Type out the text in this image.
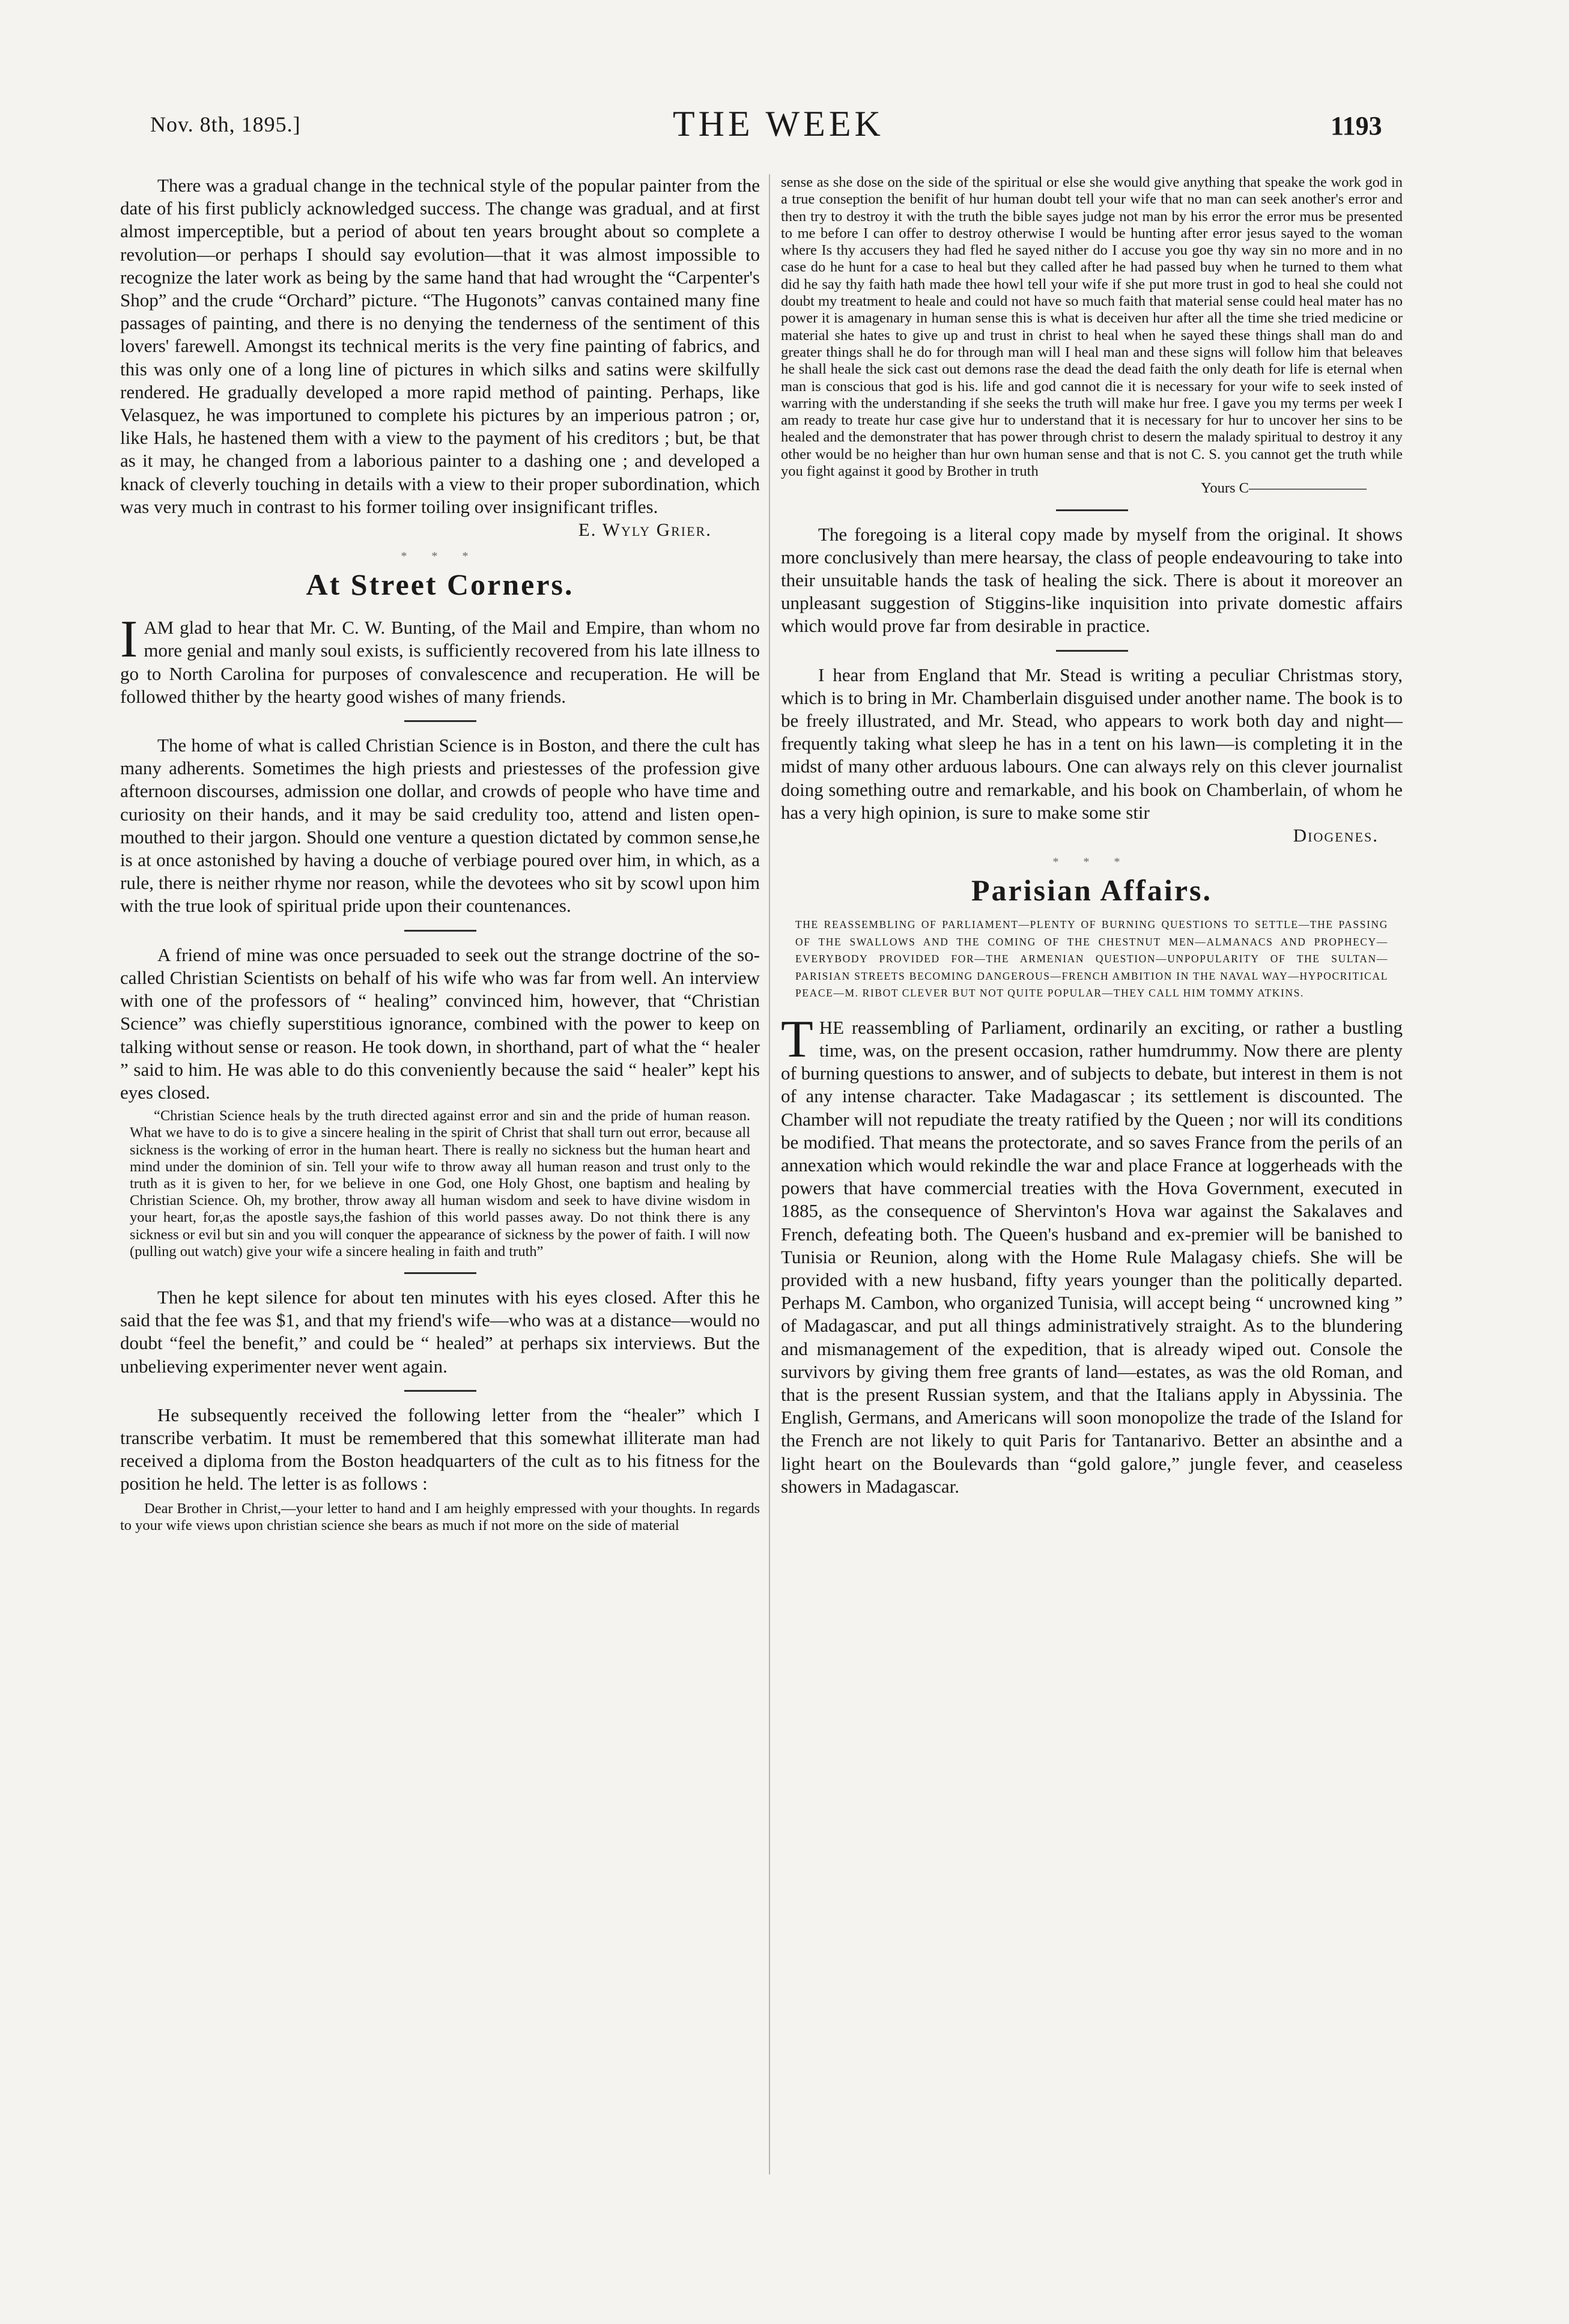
Nov. 8th, 1895.]	THE WEEK	1193

There was a gradual change in the technical style of the popular painter from the date of his first publicly acknowledged success. The change was gradual, and at first almost imperceptible, but a period of about ten years brought about so complete a revolution—or perhaps I should say evolution—that it was almost impossible to recognize the later work as being by the same hand that had wrought the “Carpenter's Shop” and the crude “Orchard” picture. “The Hugonots” canvas contained many fine passages of painting, and there is no denying the tenderness of the sentiment of this lovers' farewell. Amongst its technical merits is the very fine painting of fabrics, and this was only one of a long line of pictures in which silks and satins were skilfully rendered. He gradually developed a more rapid method of painting. Perhaps, like Velasquez, he was importuned to complete his pictures by an imperious patron ; or, like Hals, he hastened them with a view to the payment of his creditors ; but, be that as it may, he changed from a laborious painter to a dashing one ; and developed a knack of cleverly touching in details with a view to their proper subordination, which was very much in contrast to his former toiling over insignificant trifles.

E. Wyly Grier.
* * *
At Street Corners.

IAM glad to hear that Mr. C. W. Bunting, of the Mail and Empire, than whom no more genial and manly soul exists, is sufficiently recovered from his late illness to go to North Carolina for purposes of convalescence and recuperation. He will be followed thither by the hearty good wishes of many friends.

The home of what is called Christian Science is in Boston, and there the cult has many adherents. Sometimes the high priests and priestesses of the profession give afternoon discourses, admission one dollar, and crowds of people who have time and curiosity on their hands, and it may be said credulity too, attend and listen open-mouthed to their jargon. Should one venture a question dictated by common sense,he is at once astonished by having a douche of verbiage poured over him, in which, as a rule, there is neither rhyme nor reason, while the devotees who sit by scowl upon him with the true look of spiritual pride upon their countenances.

A friend of mine was once persuaded to seek out the strange doctrine of the so-called Christian Scientists on behalf of his wife who was far from well. An interview with one of the professors of “ healing” convinced him, however, that “Christian Science” was chiefly superstitious ignorance, combined with the power to keep on talking without sense or reason. He took down, in shorthand, part of what the “ healer ” said to him. He was able to do this conveniently because the said “ healer” kept his eyes closed.

“Christian Science heals by the truth directed against error and sin and the pride of human reason. What we have to do is to give a sincere healing in the spirit of Christ that shall turn out error, because all sickness is the working of error in the human heart. There is really no sickness but the human heart and mind under the dominion of sin. Tell your wife to throw away all human reason and trust only to the truth as it is given to her, for we believe in one God, one Holy Ghost, one baptism and healing by Christian Science. Oh, my brother, throw away all human wisdom and seek to have divine wisdom in your heart, for,as the apostle says,the fashion of this world passes away. Do not think there is any sickness or evil but sin and you will conquer the appearance of sickness by the power of faith. I will now (pulling out watch) give your wife a sincere healing in faith and truth”

Then he kept silence for about ten minutes with his eyes closed. After this he said that the fee was $1, and that my friend's wife—who was at a distance—would no doubt “feel the benefit,” and could be “ healed” at perhaps six interviews. But the unbelieving experimenter never went again.

He subsequently received the following letter from the “healer” which I transcribe verbatim. It must be remembered that this somewhat illiterate man had received a diploma from the Boston headquarters of the cult as to his fitness for the position he held. The letter is as follows :

Dear Brother in Christ,—your letter to hand and I am heighly empressed with your thoughts. In regards to your wife views upon christian science she bears as much if not more on the side of material

sense as she dose on the side of the spiritual or else she would give anything that speake the work god in a true conseption the benifit of hur human doubt tell your wife that no man can seek another's error and then try to destroy it with the truth the bible sayes judge not man by his error the error mus be presented to me before I can offer to destroy otherwise I would be hunting after error jesus sayed to the woman where Is thy accusers they had fled he sayed nither do I accuse you goe thy way sin no more and in no case do he hunt for a case to heal but they called after he had passed buy when he turned to them what did he say thy faith hath made thee howl tell your wife if she put more trust in god to heal she could not doubt my treatment to heale and could not have so much faith that material sense could heal mater has no power it is amagenary in human sense this is what is deceiven hur after all the time she tried medicine or material she hates to give up and trust in christ to heal when he sayed these things shall man do and greater things shall he do for through man will I heal man and these signs will follow him that beleaves he shall heale the sick cast out demons rase the dead the dead faith the only death for life is eternal when man is conscious that god is his. life and god cannot die it is necessary for your wife to seek insted of warring with the understanding if she seeks the truth will make hur free. I gave you my terms per week I am ready to treate hur case give hur to understand that it is necessary for hur to uncover her sins to be healed and the demonstrater that has power through christ to desern the malady spiritual to destroy it any other would be no heigher than hur own human sense and that is not C. S. you cannot get the truth while you fight against it good by Brother in truth

Yours C————————

The foregoing is a literal copy made by myself from the original. It shows more conclusively than mere hearsay, the class of people endeavouring to take into their unsuitable hands the task of healing the sick. There is about it moreover an unpleasant suggestion of Stiggins-like inquisition into private domestic affairs which would prove far from desirable in practice.

I hear from England that Mr. Stead is writing a peculiar Christmas story, which is to bring in Mr. Chamberlain disguised under another name. The book is to be freely illustrated, and Mr. Stead, who appears to work both day and night—frequently taking what sleep he has in a tent on his lawn—is completing it in the midst of many other arduous labours. One can always rely on this clever journalist doing something outre and remarkable, and his book on Chamberlain, of whom he has a very high opinion, is sure to make some stir

Diogenes.
* * *
Parisian Affairs.

THE REASSEMBLING OF PARLIAMENT—PLENTY OF BURNING QUESTIONS TO SETTLE—THE PASSING OF THE SWALLOWS AND THE COMING OF THE CHESTNUT MEN—ALMANACS AND PROPHECY—EVERYBODY PROVIDED FOR—THE ARMENIAN QUESTION—UNPOPULARITY OF THE SULTAN—PARISIAN STREETS BECOMING DANGEROUS—FRENCH AMBITION IN THE NAVAL WAY—HYPOCRITICAL PEACE—M. RIBOT CLEVER BUT NOT QUITE POPULAR—THEY CALL HIM TOMMY ATKINS.

THE reassembling of Parliament, ordinarily an exciting, or rather a bustling time, was, on the present occasion, rather humdrummy. Now there are plenty of burning questions to answer, and of subjects to debate, but interest in them is not of any intense character. Take Madagascar ; its settlement is discounted. The Chamber will not repudiate the treaty ratified by the Queen ; nor will its conditions be modified. That means the protectorate, and so saves France from the perils of an annexation which would rekindle the war and place France at loggerheads with the powers that have commercial treaties with the Hova Government, executed in 1885, as the consequence of Shervinton's Hova war against the Sakalaves and French, defeating both. The Queen's husband and ex-premier will be banished to Tunisia or Reunion, along with the Home Rule Malagasy chiefs. She will be provided with a new husband, fifty years younger than the politically departed. Perhaps M. Cambon, who organized Tunisia, will accept being “ uncrowned king ” of Madagascar, and put all things administratively straight. As to the blundering and mismanagement of the expedition, that is already wiped out. Console the survivors by giving them free grants of land—estates, as was the old Roman, and that is the present Russian system, and that the Italians apply in Abyssinia. The English, Germans, and Americans will soon monopolize the trade of the Island for the French are not likely to quit Paris for Tantanarivo. Better an absinthe and a light heart on the Boulevards than “gold galore,” jungle fever, and ceaseless showers in Madagascar.
